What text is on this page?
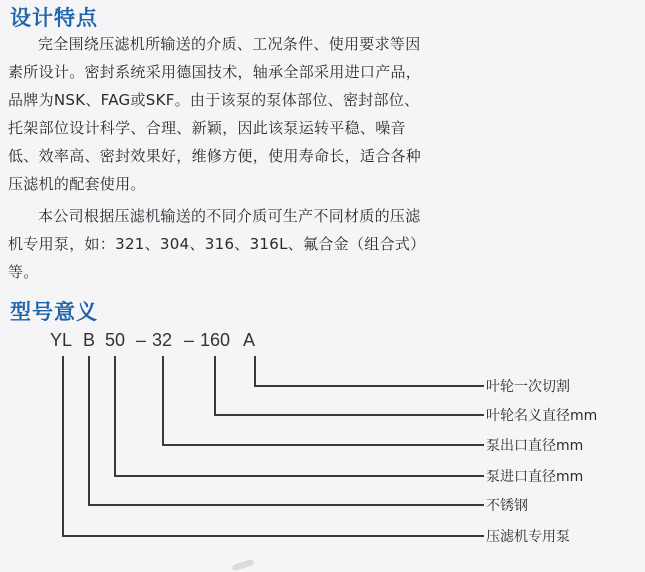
设计特点
完全围绕压滤机所输送的介质、工况条件、使用要求等因
素所设计。密封系统采用德国技术，轴承全部采用进口产品，
品牌为NSK、FAG或SKF。由于该泵的泵体部位、密封部位、
托架部位设计科学、合理、新颖，因此该泵运转平稳、噪音
低、效率高、密封效果好，维修方便，使用寿命长，适合各种
压滤机的配套使用。
本公司根据压滤机输送的不同介质可生产不同材质的压滤
机专用泵，如：321、304、316、316L、氟合金（组合式）
等。
型号意义
YL B 50 – 32 – 160 A
叶轮一次切割
叶轮名义直径mm
泵出口直径mm
泵进口直径mm
不锈钢
压滤机专用泵
